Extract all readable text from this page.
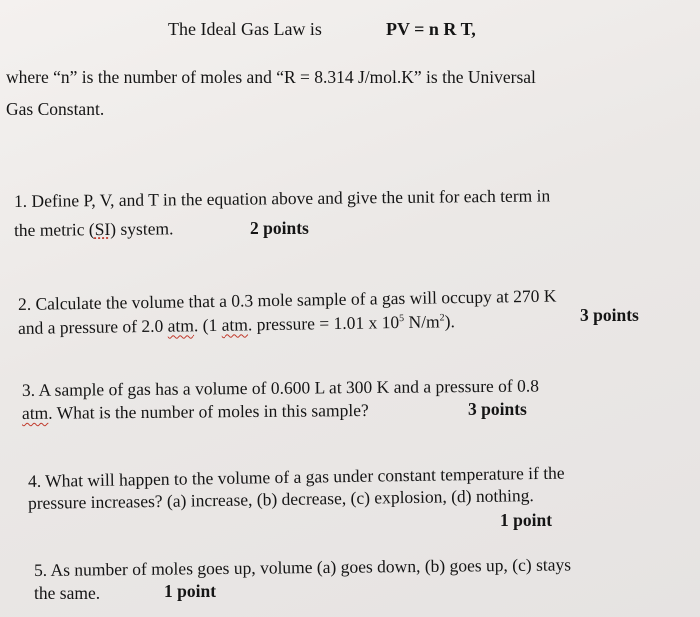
The Ideal Gas Law is	PV = n R T,
where “n” is the number of moles and “R = 8.314 J/mol.K” is the Universal
Gas Constant.
1. Define P, V, and T in the equation above and give the unit for each term in
the metric (SI) system.	2 points
2. Calculate the volume that a 0.3 mole sample of a gas will occupy at 270 K
and a pressure of 2.0 atm. (1 atm. pressure = 1.01 x $10^5$ $N/m^2$).	3 points
3. A sample of gas has a volume of 0.600 L at 300 K and a pressure of 0.8
atm. What is the number of moles in this sample?	3 points
4. What will happen to the volume of a gas under constant temperature if the
pressure increases? (a) increase, (b) decrease, (c) explosion, (d) nothing.
1 point
5. As number of moles goes up, volume (a) goes down, (b) goes up, (c) stays
the same.	1 point
